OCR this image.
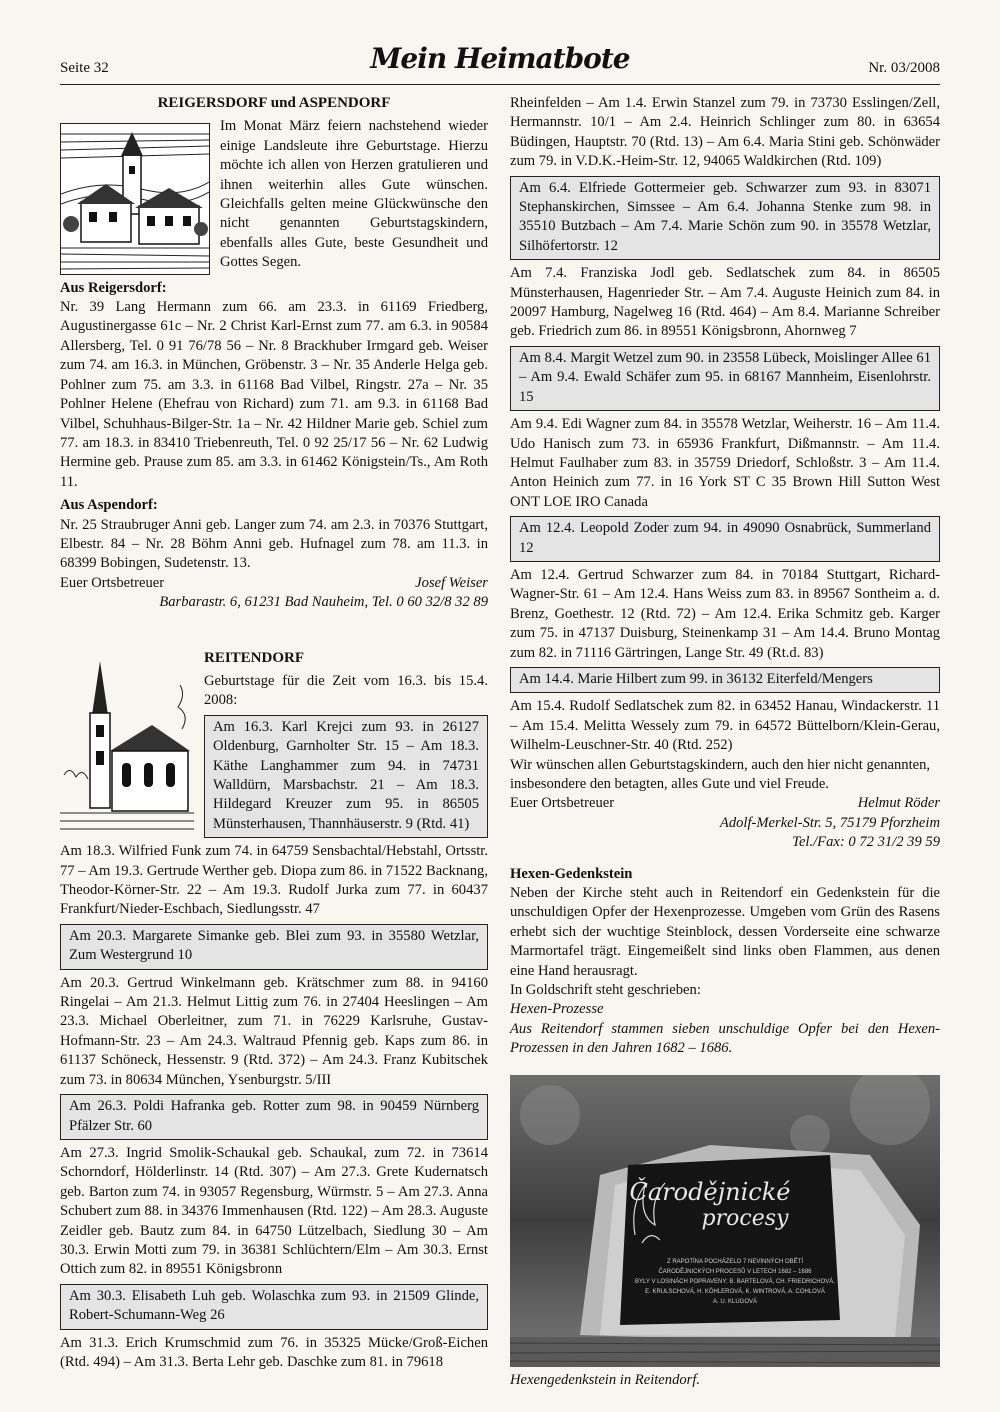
Seite 32	Mein Heimatbote	Nr. 03/2008
REIGERSDORF und ASPENDORF

Im Monat März feiern nachstehend wieder einige Landsleute ihre Geburtstage. Hierzu möchte ich allen von Herzen gratulieren und ihnen weiterhin alles Gute wünschen. Gleichfalls gelten meine Glückwünsche den nicht genannten Geburtstagskindern, ebenfalls alles Gute, beste Gesundheit und Gottes Segen.

Aus Reigersdorf:

Nr. 39 Lang Hermann zum 66. am 23.3. in 61169 Friedberg, Augustinergasse 61c – Nr. 2 Christ Karl-Ernst zum 77. am 6.3. in 90584 Allersberg, Tel. 0 91 76/78 56 – Nr. 8 Brackhuber Irmgard geb. Weiser zum 74. am 16.3. in München, Gröbenstr. 3 – Nr. 35 Anderle Helga geb. Pohlner zum 75. am 3.3. in 61168 Bad Vilbel, Ringstr. 27a – Nr. 35 Pohlner Helene (Ehefrau von Richard) zum 71. am 9.3. in 61168 Bad Vilbel, Schuhhaus-Bilger-Str. 1a – Nr. 42 Hildner Marie geb. Schiel zum 77. am 18.3. in 83410 Triebenreuth, Tel. 0 92 25/17 56 – Nr. 62 Ludwig Hermine geb. Prause zum 85. am 3.3. in 61462 Königstein/Ts., Am Roth 11.

Aus Aspendorf:

Nr. 25 Straubruger Anni geb. Langer zum 74. am 2.3. in 70376 Stuttgart, Elbestr. 84 – Nr. 28 Böhm Anni geb. Hufnagel zum 78. am 11.3. in 68399 Bobingen, Sudetenstr. 13.

Euer Ortsbetreuer	Josef Weiser
Barbarastr. 6, 61231 Bad Nauheim, Tel. 0 60 32/8 32 89
REITENDORF

Geburtstage für die Zeit vom 16.3. bis 15.4. 2008:

Am 16.3. Karl Krejci zum 93. in 26127 Oldenburg, Garnholter Str. 15 – Am 18.3. Käthe Langhammer zum 94. in 74731 Walldürn, Marsbachstr. 21 – Am 18.3. Hildegard Kreuzer zum 95. in 86505 Münsterhausen, Thannhäuserstr. 9 (Rtd. 41)

Am 18.3. Wilfried Funk zum 74. in 64759 Sensbachtal/Hebstahl, Ortsstr. 77 – Am 19.3. Gertrude Werther geb. Diopa zum 86. in 71522 Backnang, Theodor-Körner-Str. 22 – Am 19.3. Rudolf Jurka zum 77. in 60437 Frankfurt/Nieder-Eschbach, Siedlungsstr. 47

Am 20.3. Margarete Simanke geb. Blei zum 93. in 35580 Wetzlar, Zum Westergrund 10

Am 20.3. Gertrud Winkelmann geb. Krätschmer zum 88. in 94160 Ringelai – Am 21.3. Helmut Littig zum 76. in 27404 Heeslingen – Am 23.3. Michael Oberleitner, zum 71. in 76229 Karlsruhe, Gustav-Hofmann-Str. 23 – Am 24.3. Waltraud Pfennig geb. Kaps zum 86. in 61137 Schöneck, Hessenstr. 9 (Rtd. 372) – Am 24.3. Franz Kubitschek zum 73. in 80634 München, Ysenburgstr. 5/III

Am 26.3. Poldi Hafranka geb. Rotter zum 98. in 90459 Nürnberg Pfälzer Str. 60

Am 27.3. Ingrid Smolik-Schaukal geb. Schaukal, zum 72. in 73614 Schorndorf, Hölderlinstr. 14 (Rtd. 307) – Am 27.3. Grete Kudernatsch geb. Barton zum 74. in 93057 Regensburg, Würmstr. 5 – Am 27.3. Anna Schubert zum 88. in 34376 Immenhausen (Rtd. 122) – Am 28.3. Auguste Zeidler geb. Bautz zum 84. in 64750 Lützelbach, Siedlung 30 – Am 30.3. Erwin Motti zum 79. in 36381 Schlüchtern/Elm – Am 30.3. Ernst Ottich zum 82. in 89551 Königsbronn

Am 30.3. Elisabeth Luh geb. Wolaschka zum 93. in 21509 Glinde, Robert-Schumann-Weg 26

Am 31.3. Erich Krumschmid zum 76. in 35325 Mücke/Groß-Eichen (Rtd. 494) – Am 31.3. Berta Lehr geb. Daschke zum 81. in 79618

Rheinfelden – Am 1.4. Erwin Stanzel zum 79. in 73730 Esslingen/Zell, Hermannstr. 10/1 – Am 2.4. Heinrich Schlinger zum 80. in 63654 Büdingen, Hauptstr. 70 (Rtd. 13) – Am 6.4. Maria Stini geb. Schönwäder zum 79. in V.D.K.-Heim-Str. 12, 94065 Waldkirchen (Rtd. 109)

Am 6.4. Elfriede Gottermeier geb. Schwarzer zum 93. in 83071 Stephanskirchen, Simssee – Am 6.4. Johanna Stenke zum 98. in 35510 Butzbach – Am 7.4. Marie Schön zum 90. in 35578 Wetzlar, Silhöfertorstr. 12

Am 7.4. Franziska Jodl geb. Sedlatschek zum 84. in 86505 Münsterhausen, Hagenrieder Str. – Am 7.4. Auguste Heinich zum 84. in 20097 Hamburg, Nagelweg 16 (Rtd. 464) – Am 8.4. Marianne Schreiber geb. Friedrich zum 86. in 89551 Königsbronn, Ahornweg 7

Am 8.4. Margit Wetzel zum 90. in 23558 Lübeck, Moislinger Allee 61 – Am 9.4. Ewald Schäfer zum 95. in 68167 Mannheim, Eisenlohrstr. 15

Am 9.4. Edi Wagner zum 84. in 35578 Wetzlar, Weiherstr. 16 – Am 11.4. Udo Hanisch zum 73. in 65936 Frankfurt, Dißmannstr. – Am 11.4. Helmut Faulhaber zum 83. in 35759 Driedorf, Schloßstr. 3 – Am 11.4. Anton Heinich zum 77. in 16 York ST C 35 Brown Hill Sutton West ONT LOE IRO Canada

Am 12.4. Leopold Zoder zum 94. in 49090 Osnabrück, Summerland 12

Am 12.4. Gertrud Schwarzer zum 84. in 70184 Stuttgart, Richard-Wagner-Str. 61 – Am 12.4. Hans Weiss zum 83. in 89567 Sontheim a. d. Brenz, Goethestr. 12 (Rtd. 72) – Am 12.4. Erika Schmitz geb. Karger zum 75. in 47137 Duisburg, Steinenkamp 31 – Am 14.4. Bruno Montag zum 82. in 71116 Gärtringen, Lange Str. 49 (Rt.d. 83)

Am 14.4. Marie Hilbert zum 99. in 36132 Eiterfeld/Mengers

Am 15.4. Rudolf Sedlatschek zum 82. in 63452 Hanau, Windackerstr. 11 – Am 15.4. Melitta Wessely zum 79. in 64572 Büttelborn/Klein-Gerau, Wilhelm-Leuschner-Str. 40 (Rtd. 252)

Wir wünschen allen Geburtstagskindern, auch den hier nicht genannten, insbesondere den betagten, alles Gute und viel Freude.

Euer Ortsbetreuer	Helmut Röder
Adolf-Merkel-Str. 5, 75179 Pforzheim
Tel./Fax: 0 72 31/2 39 59
Hexen-Gedenkstein

Neben der Kirche steht auch in Reitendorf ein Gedenkstein für die unschuldigen Opfer der Hexenprozesse. Umgeben vom Grün des Rasens erhebt sich der wuchtige Steinblock, dessen Vorderseite eine schwarze Marmortafel trägt. Eingemeißelt sind links oben Flammen, aus denen eine Hand herausragt.

In Goldschrift steht geschrieben:

Hexen-Prozesse

Aus Reitendorf stammen sieben unschuldige Opfer bei den Hexen-Prozessen in den Jahren 1682 – 1686.

Čarodějnické
procesy
Z RAPOTÍNA POCHÁZELO 7 NEVINNÝCH OBĚTÍ
ČARODĚJNICKÝCH PROCESŮ V LETECH 1682 – 1686
BYLY V LOSINÁCH POPRAVENY: B. BARTELOVÁ, CH. FRIEDRICHOVÁ,
E. KRULSCHOVÁ, H. KÖHLEROVÁ, K. WINTROVÁ, A. COHLOVÁ
A. U. KLUGOVÁ
Hexengedenkstein in Reitendorf.
